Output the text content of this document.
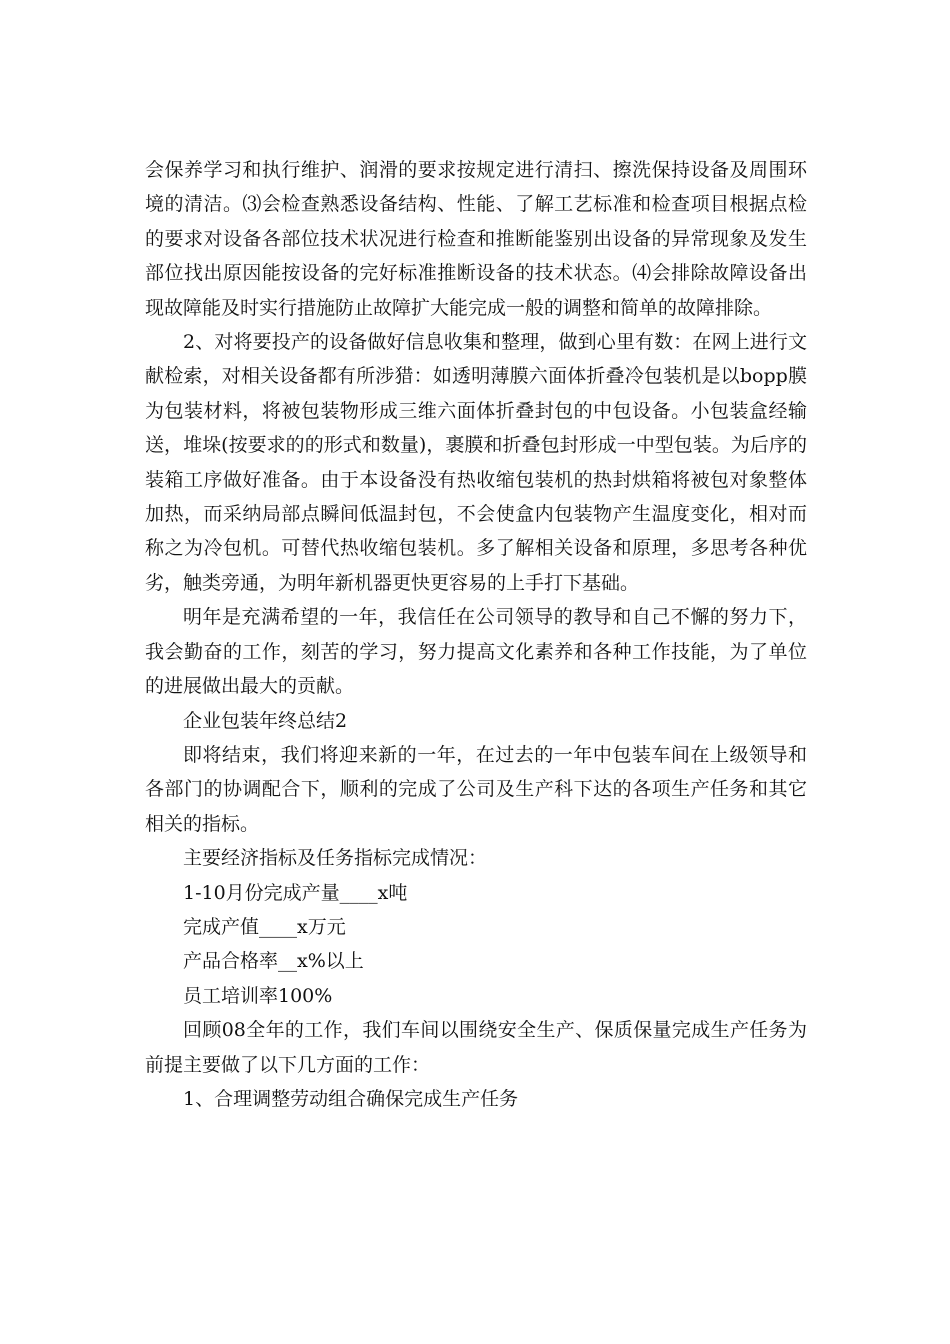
会保养学习和执行维护、润滑的要求按规定进行清扫、擦洗保持设备及周围环境的清洁。⑶会检查熟悉设备结构、性能、了解工艺标准和检查项目根据点检的要求对设备各部位技术状况进行检查和推断能鉴别出设备的异常现象及发生部位找出原因能按设备的完好标准推断设备的技术状态。⑷会排除故障设备出现故障能及时实行措施防止故障扩大能完成一般的调整和简单的故障排除。

2、对将要投产的设备做好信息收集和整理，做到心里有数：在网上进行文献检索，对相关设备都有所涉猎：如透明薄膜六面体折叠冷包装机是以bopp膜为包装材料，将被包装物形成三维六面体折叠封包的中包设备。小包装盒经输送，堆垛(按要求的的形式和数量)，裹膜和折叠包封形成一中型包装。为后序的装箱工序做好准备。由于本设备没有热收缩包装机的热封烘箱将被包对象整体加热，而采纳局部点瞬间低温封包，不会使盒内包装物产生温度变化，相对而称之为冷包机。可替代热收缩包装机。多了解相关设备和原理，多思考各种优劣，触类旁通，为明年新机器更快更容易的上手打下基础。

明年是充满希望的一年，我信任在公司领导的教导和自己不懈的努力下，我会勤奋的工作，刻苦的学习，努力提高文化素养和各种工作技能，为了单位的进展做出最大的贡献。

企业包装年终总结2

即将结束，我们将迎来新的一年，在过去的一年中包装车间在上级领导和各部门的协调配合下，顺利的完成了公司及生产科下达的各项生产任务和其它相关的指标。

主要经济指标及任务指标完成情况：

1-10月份完成产量____x吨

完成产值____x万元

产品合格率__x%以上

员工培训率100%

回顾08全年的工作，我们车间以围绕安全生产、保质保量完成生产任务为前提主要做了以下几方面的工作：

1、合理调整劳动组合确保完成生产任务
